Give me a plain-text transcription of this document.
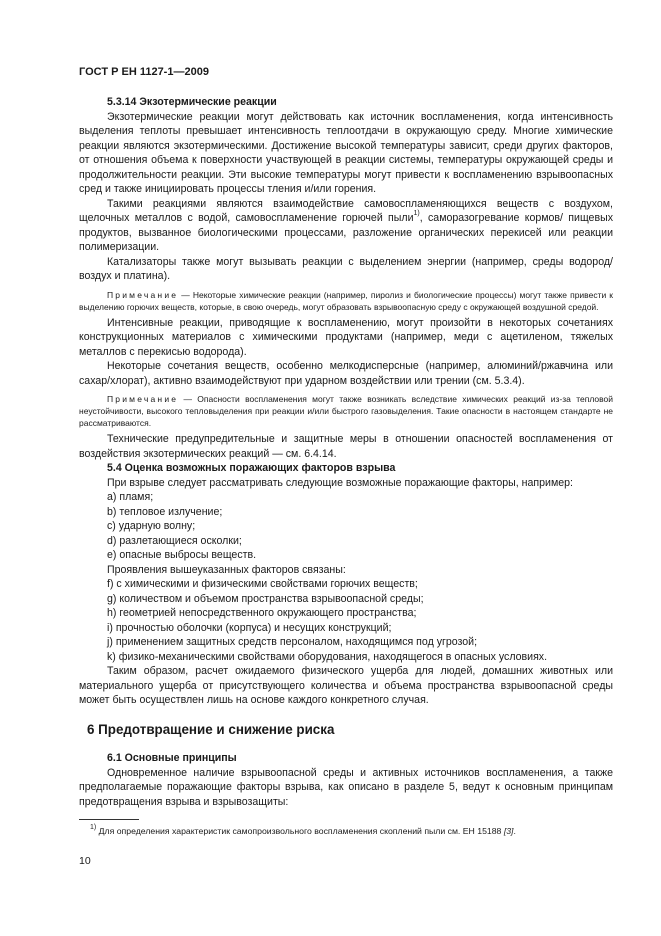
ГОСТ Р ЕН 1127-1—2009

5.3.14 Экзотермические реакции

Экзотермические реакции могут действовать как источник воспламенения, когда интенсивность выделения теплоты превышает интенсивность теплоотдачи в окружающую среду. Многие химические реакции являются экзотермическими. Достижение высокой температуры зависит, среди других факторов, от отношения объема к поверхности участвующей в реакции системы, температуры окружающей среды и продолжительности реакции. Эти высокие температуры могут привести к воспламенению взрывоопасных сред и также инициировать процессы тления и/или горения.

Такими реакциями являются взаимодействие самовоспламеняющихся веществ с воздухом, щелочных металлов с водой, самовоспламенение горючей пыли$^{1)}$, саморазогревание кормов/ пищевых продуктов, вызванное биологическими процессами, разложение органических перекисей или реакции полимеризации.

Катализаторы также могут вызывать реакции с выделением энергии (например, среды водород/воздух и платина).

Примечание — Некоторые химические реакции (например, пиролиз и биологические процессы) могут также привести к выделению горючих веществ, которые, в свою очередь, могут образовать взрывоопасную среду с окружающей воздушной средой.

Интенсивные реакции, приводящие к воспламенению, могут произойти в некоторых сочетаниях конструкционных материалов с химическими продуктами (например, меди с ацетиленом, тяжелых металлов с перекисью водорода).

Некоторые сочетания веществ, особенно мелкодисперсные (например, алюминий/ржавчина или сахар/хлорат), активно взаимодействуют при ударном воздействии или трении (см. 5.3.4).

Примечание — Опасности воспламенения могут также возникать вследствие химических реакций из-за тепловой неустойчивости, высокого тепловыделения при реакции и/или быстрого газовыделения. Такие опасности в настоящем стандарте не рассматриваются.

Технические предупредительные и защитные меры в отношении опасностей воспламенения от воздействия экзотермических реакций — см. 6.4.14.

5.4 Оценка возможных поражающих факторов взрыва

При взрыве следует рассматривать следующие возможные поражающие факторы, например:

a) пламя;

b) тепловое излучение;

c) ударную волну;

d) разлетающиеся осколки;

e) опасные выбросы веществ.

Проявления вышеуказанных факторов связаны:

f) с химическими и физическими свойствами горючих веществ;

g) количеством и объемом пространства взрывоопасной среды;

h) геометрией непосредственного окружающего пространства;

i) прочностью оболочки (корпуса) и несущих конструкций;

j) применением защитных средств персоналом, находящимся под угрозой;

k) физико-механическими свойствами оборудования, находящегося в опасных условиях.

Таким образом, расчет ожидаемого физического ущерба для людей, домашних животных или материального ущерба от присутствующего количества и объема пространства взрывоопасной среды может быть осуществлен лишь на основе каждого конкретного случая.

6 Предотвращение и снижение риска

6.1 Основные принципы

Одновременное наличие взрывоопасной среды и активных источников воспламенения, а также предполагаемые поражающие факторы взрыва, как описано в разделе 5, ведут к основным принципам предотвращения взрыва и взрывозащиты:

$^{1)}$ Для определения характеристик самопроизвольного воспламенения скоплений пыли см. ЕН 15188 [3].
10
